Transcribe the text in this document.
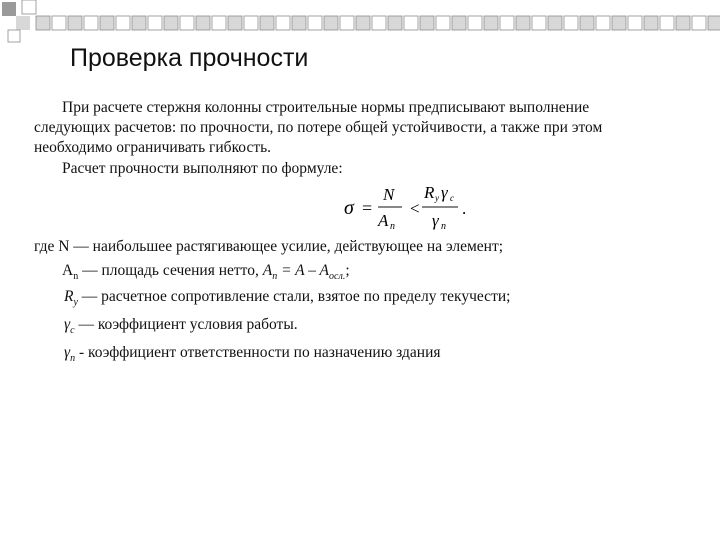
Проверка прочности
При расчете стержня колонны строительные нормы предписывают выполнение
следующих расчетов: по прочности, по потере общей устойчивости, а также при этом
необходимо ограничивать гибкость.
Расчет прочности выполняют по формуле:
σ =
N
A n
<
R y γ c
γ n
.
где N — наибольшее растягивающее усилие, действующее на элемент;
$A_n$ — площадь сечения нетто, $A_n = A - A_{осл.}$;
$R_y$ — расчетное сопротивление стали, взятое по пределу текучести;
$\gamma_c$ — коэффициент условия работы.
$\gamma_n$ - коэффициент ответственности по назначению здания
